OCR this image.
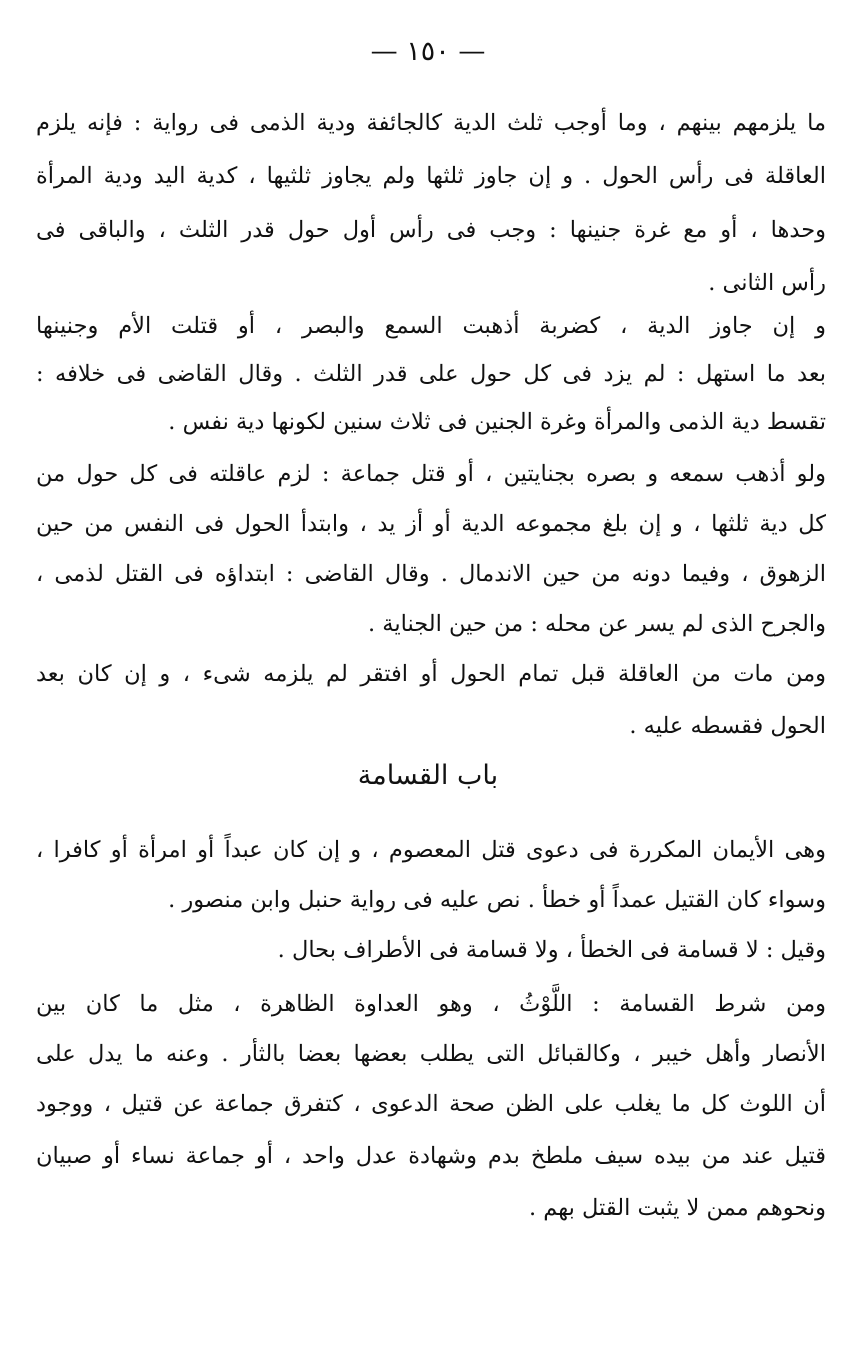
— ١٥٠ —
ما يلزمهم بينهم ، وما أوجب ثلث الدية كالجائفة ودية الذمى فى رواية : فإنه يلزم
العاقلة فى رأس الحول . و إن جاوز ثلثها ولم يجاوز ثلثيها ، كدية اليد ودية المرأة
وحدها ، أو مع غرة جنينها : وجب فى رأس أول حول قدر الثلث ، والباقى فى
رأس الثانى .
و إن جاوز الدية ، كضربة أذهبت السمع والبصر ، أو قتلت الأم وجنينها
بعد ما استهل : لم يزد فى كل حول على قدر الثلث . وقال القاضى فى خلافه :
تقسط دية الذمى والمرأة وغرة الجنين فى ثلاث سنين لكونها دية نفس .
ولو أذهب سمعه و بصره بجنايتين ، أو قتل جماعة : لزم عاقلته فى كل حول من
كل دية ثلثها ، و إن بلغ مجموعه الدية أو أز يد ، وابتدأ الحول فى النفس من حين
الزهوق ، وفيما دونه من حين الاندمال . وقال القاضى : ابتداؤه فى القتل لذمى ،
والجرح الذى لم يسر عن محله : من حين الجناية .
ومن مات من العاقلة قبل تمام الحول أو افتقر لم يلزمه شىء ، و إن كان بعد
الحول فقسطه عليه .
باب القسامة
وهى الأيمان المكررة فى دعوى قتل المعصوم ، و إن كان عبداً أو امرأة أو كافرا ،
وسواء كان القتيل عمداً أو خطأ . نص عليه فى رواية حنبل وابن منصور .
وقيل : لا قسامة فى الخطأ ، ولا قسامة فى الأطراف بحال .
ومن شرط القسامة : اللَّوْثُ ، وهو العداوة الظاهرة ، مثل ما كان بين
الأنصار وأهل خيبر ، وكالقبائل التى يطلب بعضها بعضا بالثأر . وعنه ما يدل على
أن اللوث كل ما يغلب على الظن صحة الدعوى ، كتفرق جماعة عن قتيل ، ووجود
قتيل عند من بيده سيف ملطخ بدم وشهادة عدل واحد ، أو جماعة نساء أو صبيان
ونحوهم ممن لا يثبت القتل بهم .
